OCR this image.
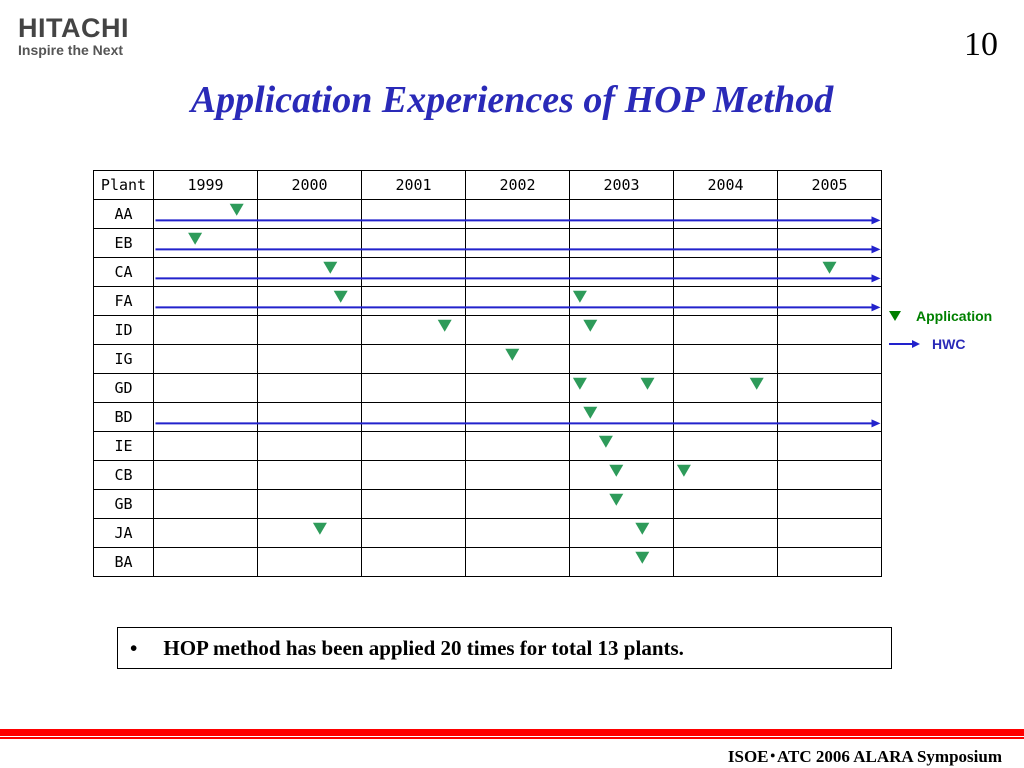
HITACHI
Inspire the Next	10
Application Experiences of HOP Method
Plant	1999	2000	2001	2002	2003	2004	2005
AA							
EB							
CA							
FA							
ID							
IG							
GD							
BD							
IE							
CB							
GB							
JA							
BA							
Application
HWC
• HOP method has been applied 20 times for total 13 plants.
ISOE･ATC 2006 ALARA Symposium
